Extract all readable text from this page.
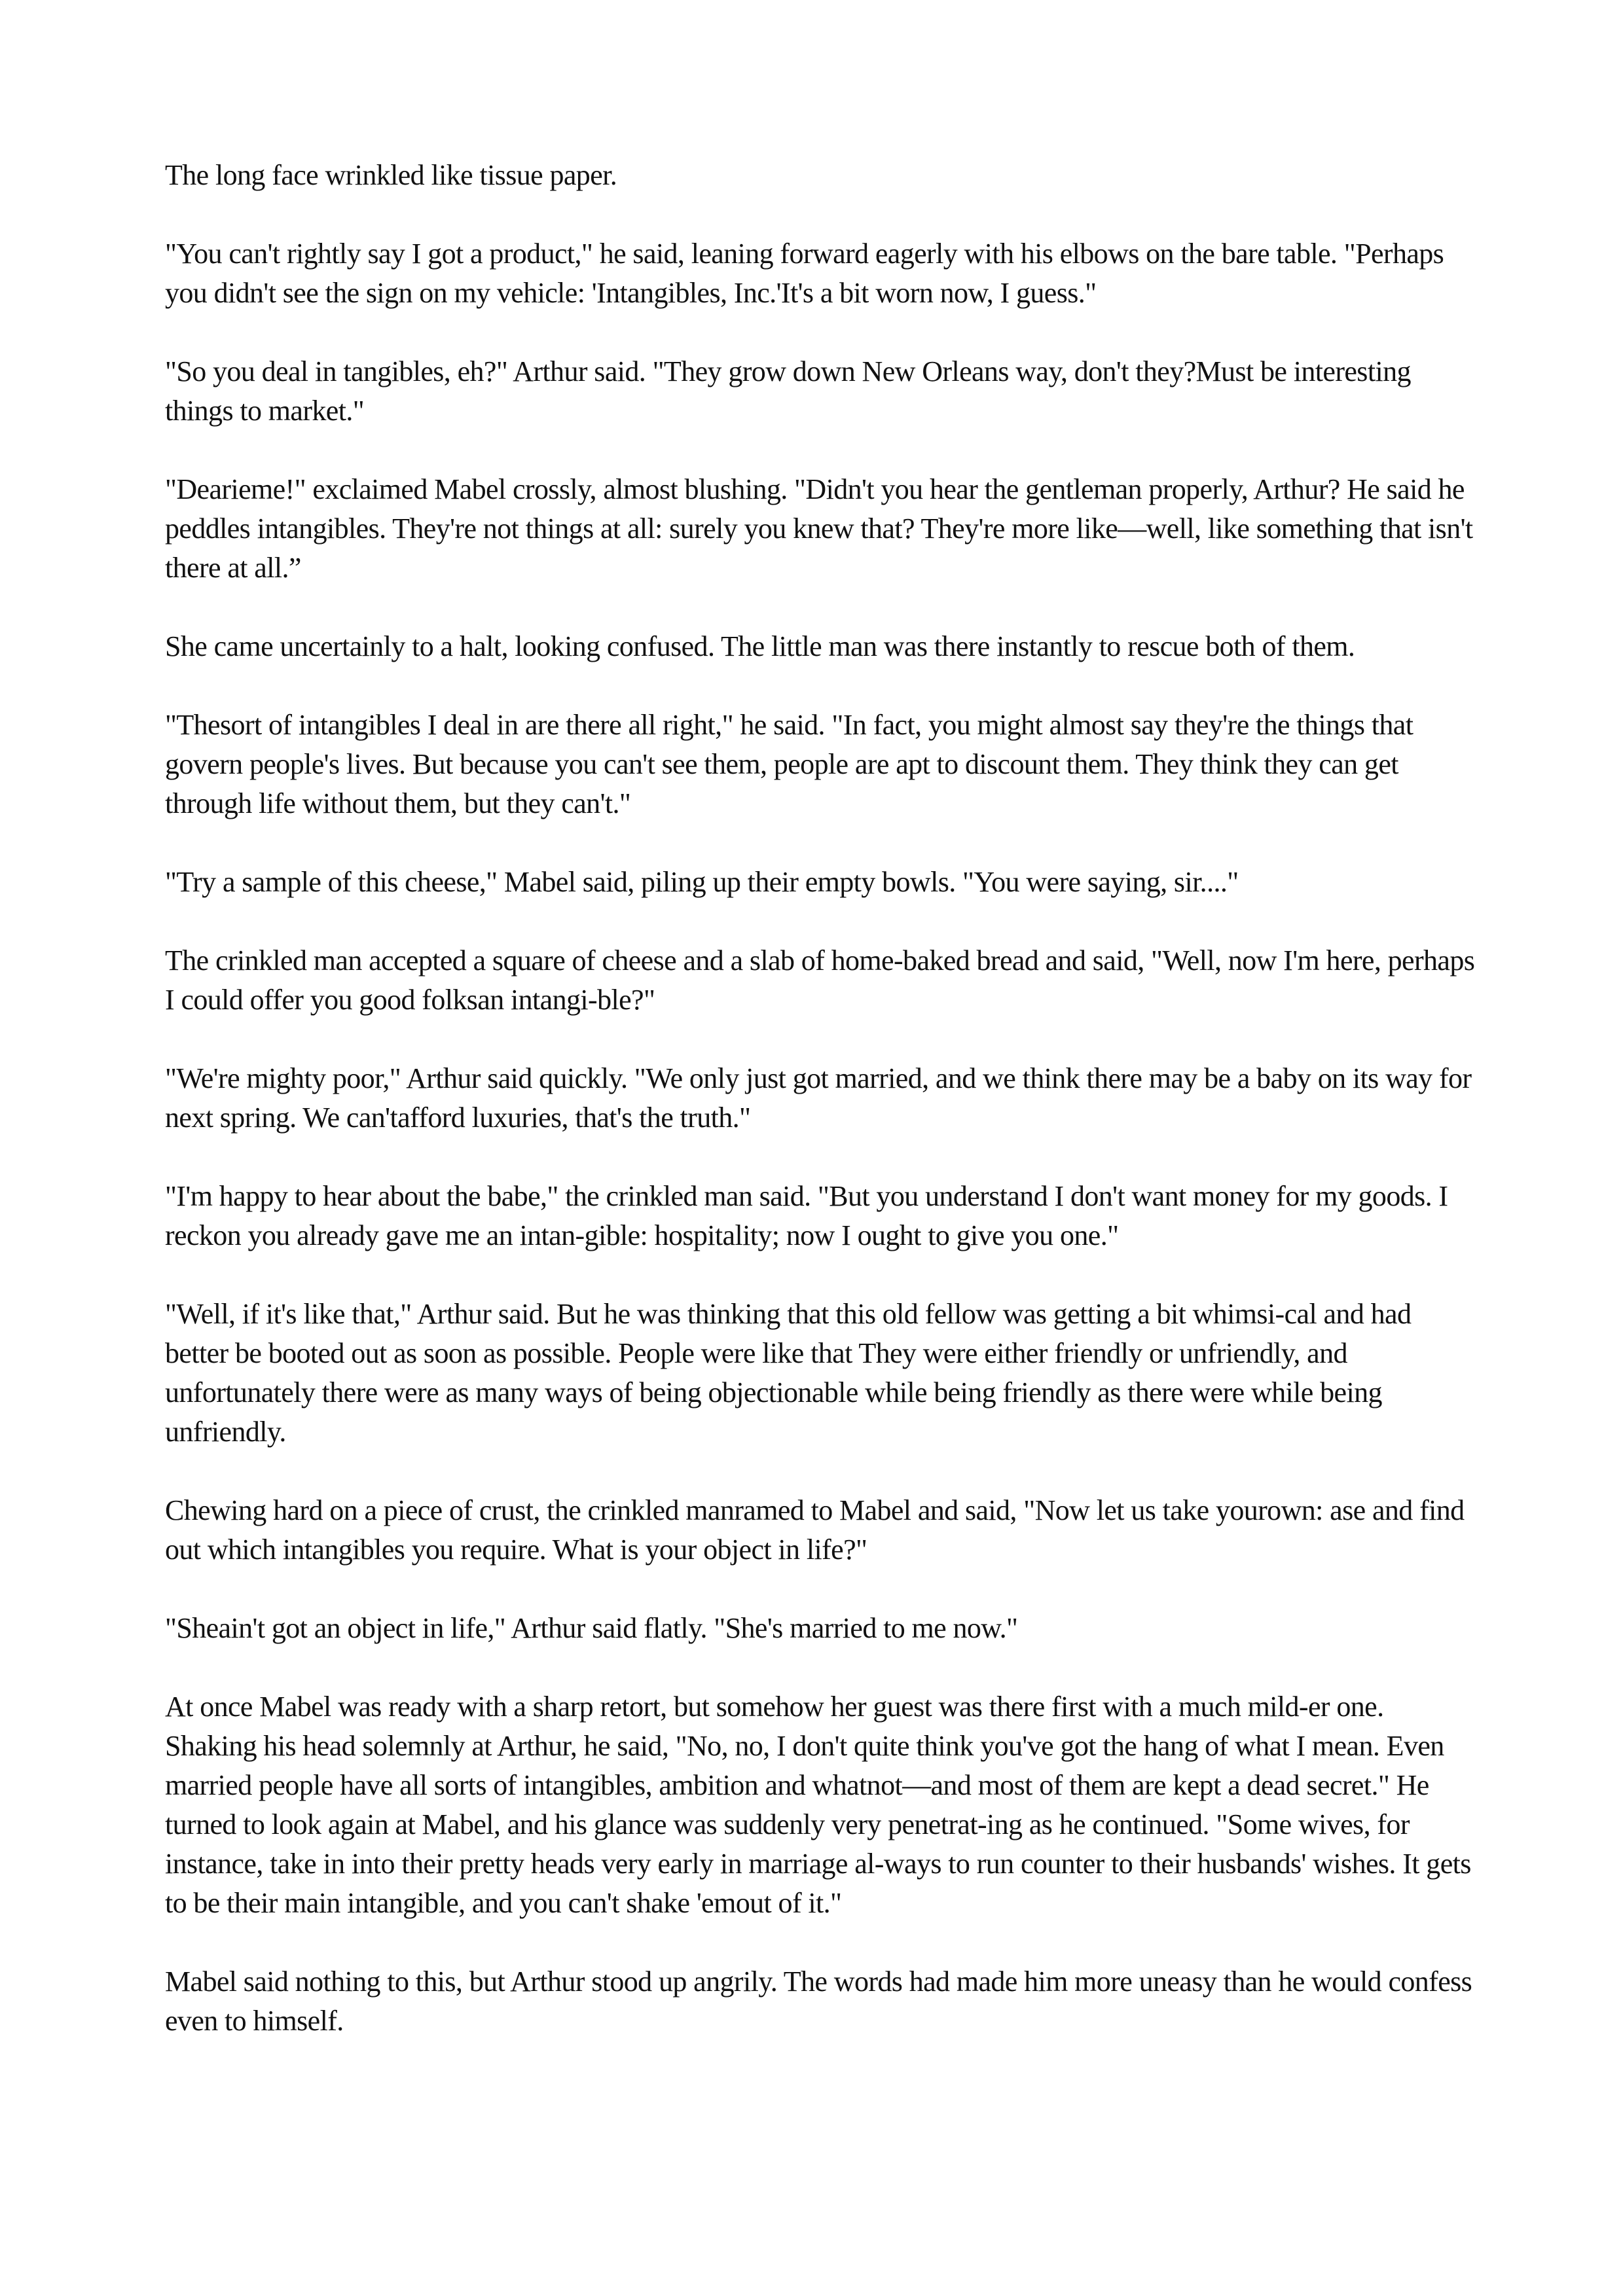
The long face wrinkled like tissue paper.

"You can't rightly say I got a product," he said, leaning forward eagerly with his elbows on the bare table. "Perhaps you didn't see the sign on my vehicle: 'Intangibles, Inc.'It's a bit worn now, I guess."

"So you deal in tangibles, eh?" Arthur said. "They grow down New Orleans way, don't they?Must be interesting things to market."

"Dearieme!" exclaimed Mabel crossly, almost blushing. "Didn't you hear the gentleman properly, Arthur? He said he peddles intangibles. They're not things at all: surely you knew that? They're more like—well, like something that isn't there at all.”

She came uncertainly to a halt, looking confused. The little man was there instantly to rescue both of them.

"Thesort of intangibles I deal in are there all right," he said. "In fact, you might almost say they're the things that govern people's lives. But because you can't see them, people are apt to discount them. They think they can get through life without them, but they can't."

"Try a sample of this cheese," Mabel said, piling up their empty bowls. "You were saying, sir...."

The crinkled man accepted a square of cheese and a slab of home-baked bread and said, "Well, now I'm here, perhaps I could offer you good folksan intangi-ble?"

"We're mighty poor," Arthur said quickly. "We only just got married, and we think there may be a baby on its way for next spring. We can'tafford luxuries, that's the truth."

"I'm happy to hear about the babe," the crinkled man said. "But you understand I don't want money for my goods. I reckon you already gave me an intan-gible: hospitality; now I ought to give you one."

"Well, if it's like that," Arthur said. But he was thinking that this old fellow was getting a bit whimsi-cal and had better be booted out as soon as possible. People were like that They were either friendly or unfriendly, and unfortunately there were as many ways of being objectionable while being friendly as there were while being unfriendly.

Chewing hard on a piece of crust, the crinkled manramed to Mabel and said, "Now let us take yourown: ase and find out which intangibles you require. What is your object in life?"

"Sheain't got an object in life," Arthur said flatly. "She's married to me now."

At once Mabel was ready with a sharp retort, but somehow her guest was there first with a much mild-er one. Shaking his head solemnly at Arthur, he said, "No, no, I don't quite think you've got the hang of what I mean. Even married people have all sorts of intangibles, ambition and whatnot—and most of them are kept a dead secret." He turned to look again at Mabel, and his glance was suddenly very penetrat-ing as he continued. "Some wives, for instance, take in into their pretty heads very early in marriage al-ways to run counter to their husbands' wishes. It gets to be their main intangible, and you can't shake 'emout of it."

Mabel said nothing to this, but Arthur stood up angrily. The words had made him more uneasy than he would confess even to himself.
